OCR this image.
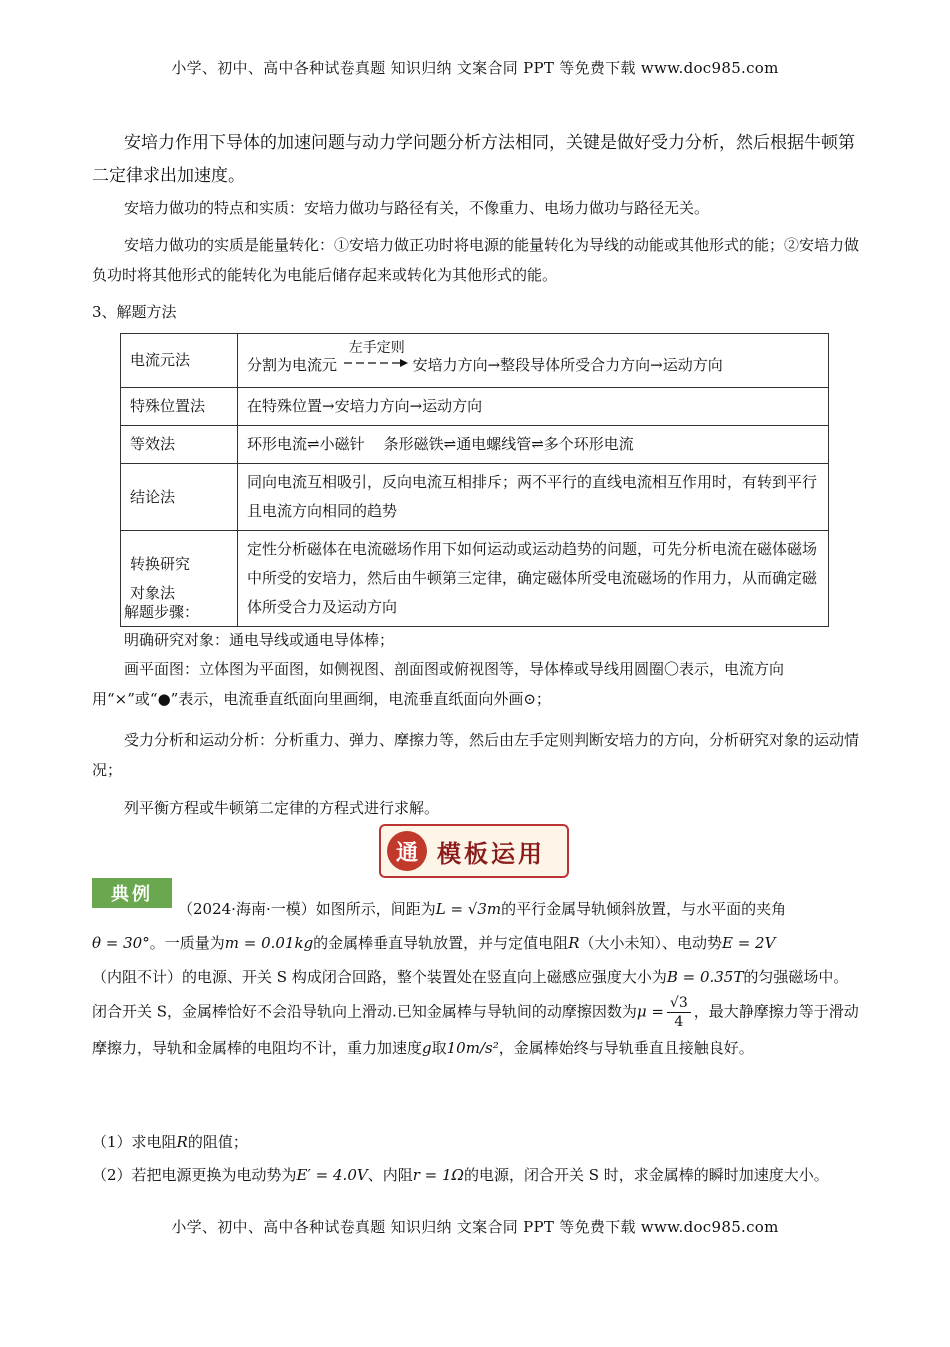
小学、初中、高中各种试卷真题 知识归纳 文案合同 PPT 等免费下载 www.doc985.com
安培力作用下导体的加速问题与动力学问题分析方法相同，关键是做好受力分析，然后根据牛顿第二定律求出加速度。
安培力做功的特点和实质：安培力做功与路径有关，不像重力、电场力做功与路径无关。
安培力做功的实质是能量转化：①安培力做正功时将电源的能量转化为导线的动能或其他形式的能；②安培力做负功时将其他形式的能转化为电能后储存起来或转化为其他形式的能。
3、解题方法
电流元法	分割为电流元
左手定则
安培力方向→整段导体所受合力方向→运动方向
特殊位置法	在特殊位置→安培力方向→运动方向
等效法	环形电流⇌小磁针    条形磁铁⇌通电螺线管⇌多个环形电流
结论法	同向电流互相吸引，反向电流互相排斥；两不平行的直线电流相互作用时，有转到平行且电流方向相同的趋势

转换研究
对象法	定性分析磁体在电流磁场作用下如何运动或运动趋势的问题，可先分析电流在磁体磁场中所受的安培力，然后由牛顿第三定律，确定磁体所受电流磁场的作用力，从而确定磁体所受合力及运动方向
解题步骤：
明确研究对象：通电导线或通电导体棒；
画平面图：立体图为平面图，如侧视图、剖面图或俯视图等，导体棒或导线用圆圈〇表示，电流方向用“×”或“●”表示，电流垂直纸面向里画䌹，电流垂直纸面向外画⊙；
受力分析和运动分析：分析重力、弹力、摩擦力等，然后由左手定则判断安培力的方向，分析研究对象的运动情况；
列平衡方程或牛顿第二定律的方程式进行求解。
通 模板运用
典例
（2024·海南·一模）如图所示，间距为L = √3m的平行金属导轨倾斜放置，与水平面的夹角
θ = 30°。一质量为m = 0.01kg的金属棒垂直导轨放置，并与定值电阻R（大小未知）、电动势E = 2V
（内阻不计）的电源、开关 S 构成闭合回路，整个装置处在竖直向上磁感应强度大小为B = 0.35T的匀强磁场中。闭合开关 S，金属棒恰好不会沿导轨向上滑动.已知金属棒与导轨间的动摩擦因数为$\mu = \frac{√3}{4}$ ，最大静摩擦力等于滑动摩擦力，导轨和金属棒的电阻均不计，重力加速度g取10m/s²，金属棒始终与导轨垂直且接触良好。
（1）求电阻R的阻值；
（2）若把电源更换为电动势为E′ = 4.0V、内阻r = 1Ω的电源，闭合开关 S 时，求金属棒的瞬时加速度大小。
小学、初中、高中各种试卷真题 知识归纳 文案合同 PPT 等免费下载 www.doc985.com
